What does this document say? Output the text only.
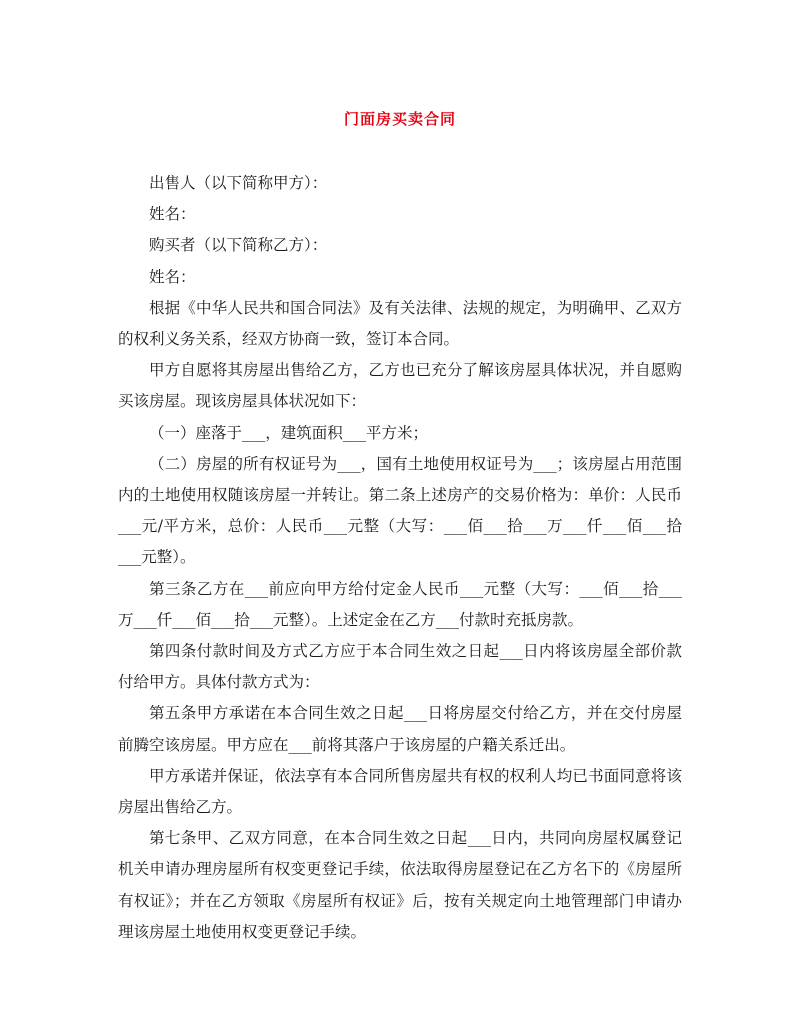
门面房买卖合同

出售人（以下简称甲方）：

姓名：

购买者（以下简称乙方）：

姓名：

根据《中华人民共和国合同法》及有关法律、法规的规定，为明确甲、乙双方的权利义务关系，经双方协商一致，签订本合同。

甲方自愿将其房屋出售给乙方，乙方也已充分了解该房屋具体状况，并自愿购买该房屋。现该房屋具体状况如下：

（一）座落于___，建筑面积___平方米；

（二）房屋的所有权证号为___，国有土地使用权证号为___；该房屋占用范围内的土地使用权随该房屋一并转让。第二条上述房产的交易价格为：单价：人民币___元/平方米，总价：人民币___元整（大写：___佰___拾___万___仟___佰___拾___元整）。

第三条乙方在___前应向甲方给付定金人民币___元整（大写：___佰___拾___万___仟___佰___拾___元整）。上述定金在乙方___付款时充抵房款。

第四条付款时间及方式乙方应于本合同生效之日起___日内将该房屋全部价款付给甲方。具体付款方式为：

第五条甲方承诺在本合同生效之日起___日将房屋交付给乙方，并在交付房屋前腾空该房屋。甲方应在___前将其落户于该房屋的户籍关系迁出。

甲方承诺并保证，依法享有本合同所售房屋共有权的权利人均已书面同意将该房屋出售给乙方。

第七条甲、乙双方同意，在本合同生效之日起___日内，共同向房屋权属登记机关申请办理房屋所有权变更登记手续，依法取得房屋登记在乙方名下的《房屋所有权证》；并在乙方领取《房屋所有权证》后，按有关规定向土地管理部门申请办理该房屋土地使用权变更登记手续。
